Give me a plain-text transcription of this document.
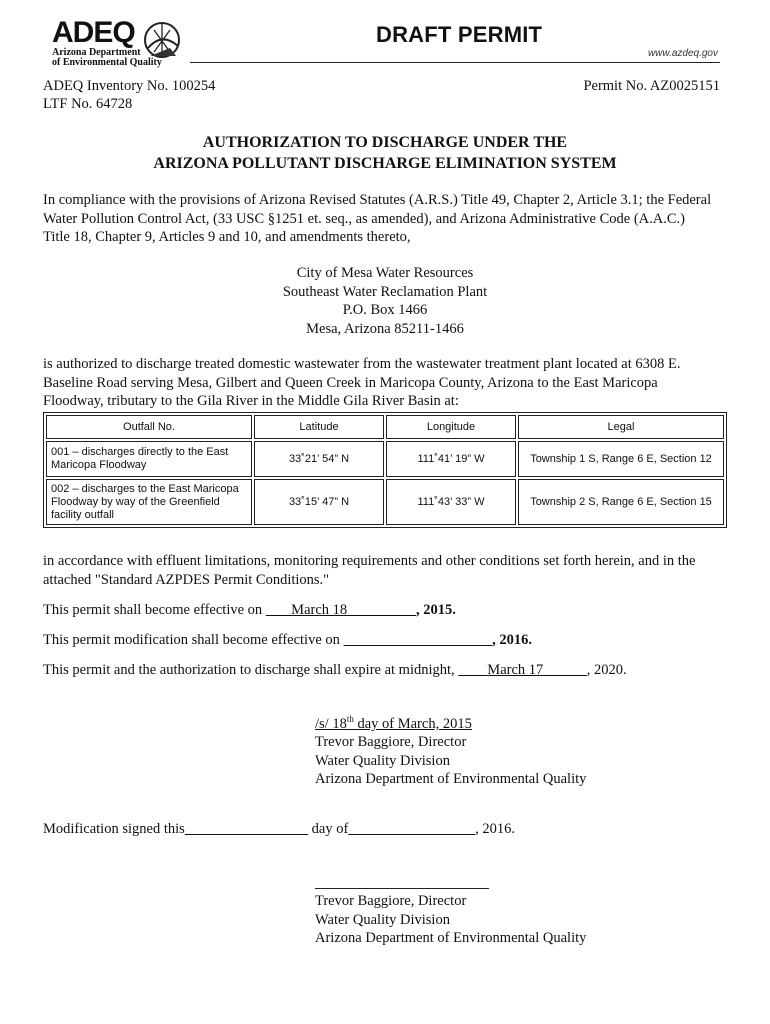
ADEQ
Arizona Department
of Environmental Quality
DRAFT PERMIT
www.azdeq.gov
ADEQ Inventory No. 100254
LTF No. 64728
Permit No. AZ0025151
AUTHORIZATION TO DISCHARGE UNDER THE
ARIZONA POLLUTANT DISCHARGE ELIMINATION SYSTEM
In compliance with the provisions of Arizona Revised Statutes (A.R.S.) Title 49, Chapter 2, Article 3.1; the Federal
Water Pollution Control Act, (33 USC §1251 et. seq., as amended), and Arizona Administrative Code (A.A.C.)
Title 18, Chapter 9, Articles 9 and 10, and amendments thereto,
City of Mesa Water Resources
Southeast Water Reclamation Plant
P.O. Box 1466
Mesa, Arizona 85211-1466
is authorized to discharge treated domestic wastewater from the wastewater treatment plant located at 6308 E.
Baseline Road serving Mesa, Gilbert and Queen Creek in Maricopa County, Arizona to the East Maricopa
Floodway, tributary to the Gila River in the Middle Gila River Basin at:
Outfall No.	Latitude	Longitude	Legal
001 – discharges directly to the East Maricopa Floodway	33˚21’ 54” N	111˚41’ 19” W	Township 1 S, Range 6 E, Section 12
002 – discharges to the East Maricopa Floodway by way of the Greenfield facility outfall	33˚15’ 47” N	111˚43’ 33” W	Township 2 S, Range 6 E, Section 15
in accordance with effluent limitations, monitoring requirements and other conditions set forth herein, and in the
attached "Standard AZPDES Permit Conditions."
This permit shall become effective on        March 18	, 2015.
This permit modification shall become effective on	, 2016.
This permit and the authorization to discharge shall expire at midnight,         March 17	, 2020.
/s/ 18th day of March, 2015
Trevor Baggiore, Director
Water Quality Division
Arizona Department of Environmental Quality
Modification signed this	day of	, 2016.
Trevor Baggiore, Director
Water Quality Division
Arizona Department of Environmental Quality
